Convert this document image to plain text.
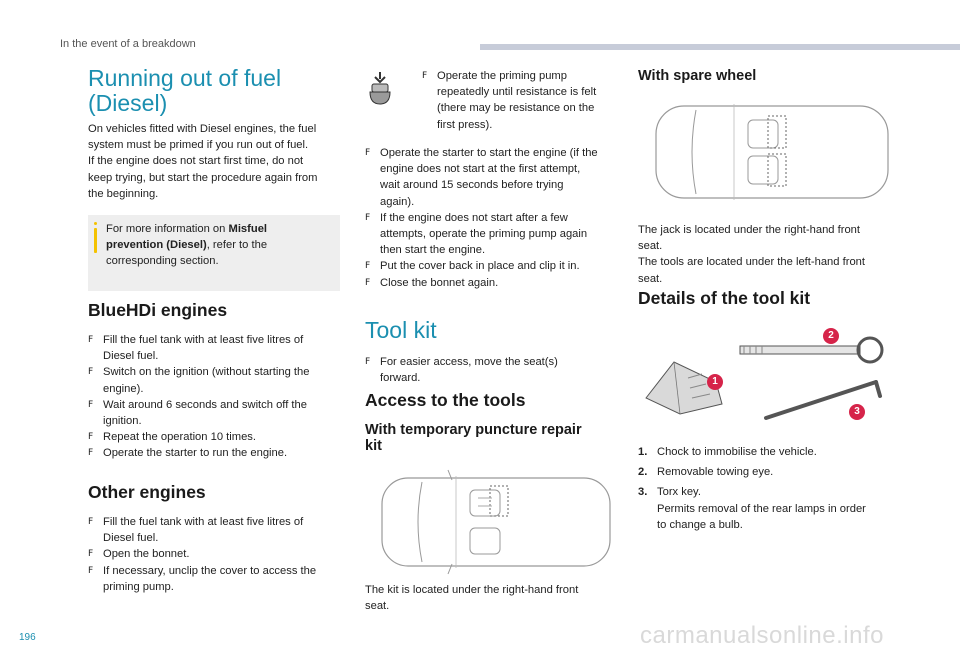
In the event of a breakdown
Running out of fuel
(Diesel)
On vehicles fitted with Diesel engines, the fuel
system must be primed if you run out of fuel.
If the engine does not start first time, do not
keep trying, but start the procedure again from
the beginning.
For more information on Misfuel
prevention (Diesel), refer to the
corresponding section.
BlueHDi engines
F Fill the fuel tank with at least five litres of
Diesel fuel.
F Switch on the ignition (without starting the
engine).
F Wait around 6 seconds and switch off the
ignition.
F Repeat the operation 10 times.
F Operate the starter to run the engine.
Other engines
F Fill the fuel tank with at least five litres of
Diesel fuel.
F Open the bonnet.
F If necessary, unclip the cover to access the
priming pump.
F Operate the priming pump
repeatedly until resistance is felt
(there may be resistance on the
first press).
F Operate the starter to start the engine (if the
engine does not start at the first attempt,
wait around 15 seconds before trying
again).
F If the engine does not start after a few
attempts, operate the priming pump again
then start the engine.
F Put the cover back in place and clip it in.
F Close the bonnet again.
Tool kit
F For easier access, move the seat(s)
forward.
Access to the tools
With temporary puncture repair
kit
The kit is located under the right-hand front
seat.
With spare wheel
The jack is located under the right-hand front
seat.
The tools are located under the left-hand front
seat.
Details of the tool kit
1
2
3
1. Chock to immobilise the vehicle.
2. Removable towing eye.
3. Torx key.
Permits removal of the rear lamps in order
to change a bulb.
196	carmanualsonline.info
